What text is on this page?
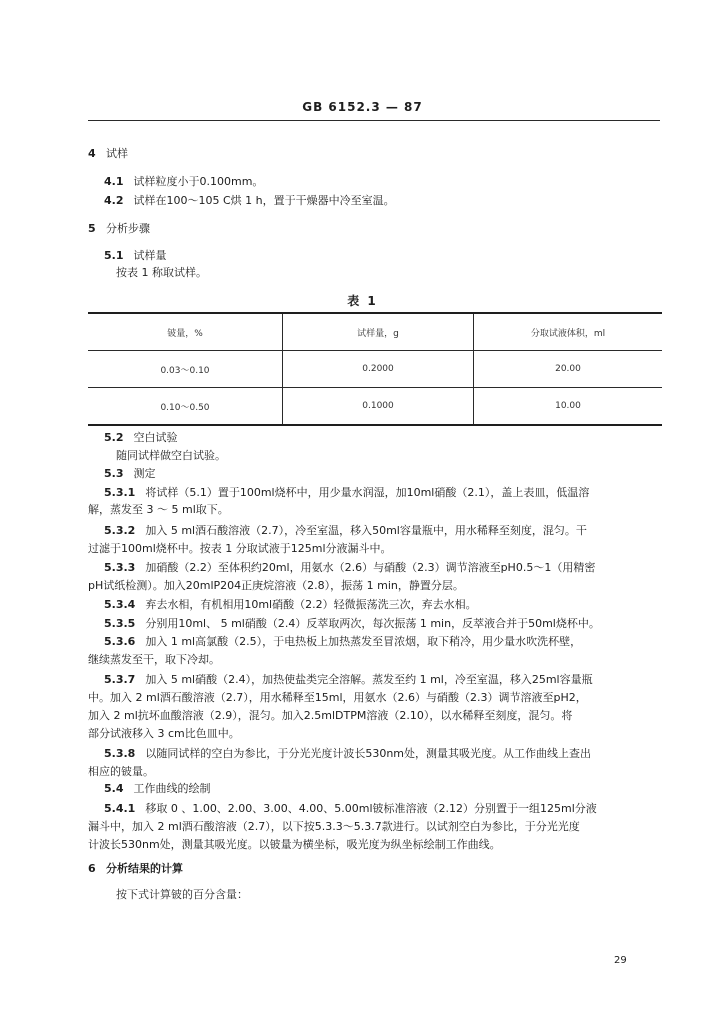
GB 6152.3 — 87
4 试样
4.1 试样粒度小于0.100mm。
4.2 试样在100～105 C烘 1 h，置于干燥器中冷至室温。
5 分析步骤
5.1 试样量
按表 1 称取试样。
表 1
铍量，%	试样量，g	分取试液体积，ml
0.03～0.10	0.2000	20.00
0.10～0.50	0.1000	10.00
5.2 空白试验
随同试样做空白试验。
5.3 测定
5.3.1 将试样（5.1）置于100ml烧杯中，用少量水润湿，加10ml硝酸（2.1），盖上表皿，低温溶
解，蒸发至 3 ～ 5 ml取下。
5.3.2 加入 5 ml酒石酸溶液（2.7），冷至室温，移入50ml容量瓶中，用水稀释至刻度，混匀。干
过滤于100ml烧杯中。按表 1 分取试液于125ml分液漏斗中。
5.3.3 加硝酸（2.2）至体积约20ml，用氨水（2.6）与硝酸（2.3）调节溶液至pH0.5～1（用精密
pH试纸检测）。加入20mlP204正庚烷溶液（2.8），振荡 1 min，静置分层。
5.3.4 弃去水相，有机相用10ml硝酸（2.2）轻微振荡洗三次，弃去水相。
5.3.5 分别用10ml、 5 ml硝酸（2.4）反萃取两次，每次振荡 1 min，反萃液合并于50ml烧杯中。
5.3.6 加入 1 ml高氯酸（2.5），于电热板上加热蒸发至冒浓烟，取下稍冷，用少量水吹洗杯壁，
继续蒸发至干，取下冷却。
5.3.7 加入 5 ml硝酸（2.4），加热使盐类完全溶解。蒸发至约 1 ml，冷至室温，移入25ml容量瓶
中。加入 2 ml酒石酸溶液（2.7），用水稀释至15ml，用氨水（2.6）与硝酸（2.3）调节溶液至pH2，
加入 2 ml抗坏血酸溶液（2.9），混匀。加入2.5mlDTPM溶液（2.10），以水稀释至刻度，混匀。将
部分试液移入 3 cm比色皿中。
5.3.8 以随同试样的空白为参比，于分光光度计波长530nm处，测量其吸光度。从工作曲线上查出
相应的铍量。
5.4 工作曲线的绘制
5.4.1 移取 0 、1.00、2.00、3.00、4.00、5.00ml铍标准溶液（2.12）分别置于一组125ml分液
漏斗中，加入 2 ml酒石酸溶液（2.7），以下按5.3.3～5.3.7款进行。以试剂空白为参比，于分光光度
计波长530nm处，测量其吸光度。以铍量为横坐标，吸光度为纵坐标绘制工作曲线。
6 分析结果的计算
按下式计算铍的百分含量：
29
